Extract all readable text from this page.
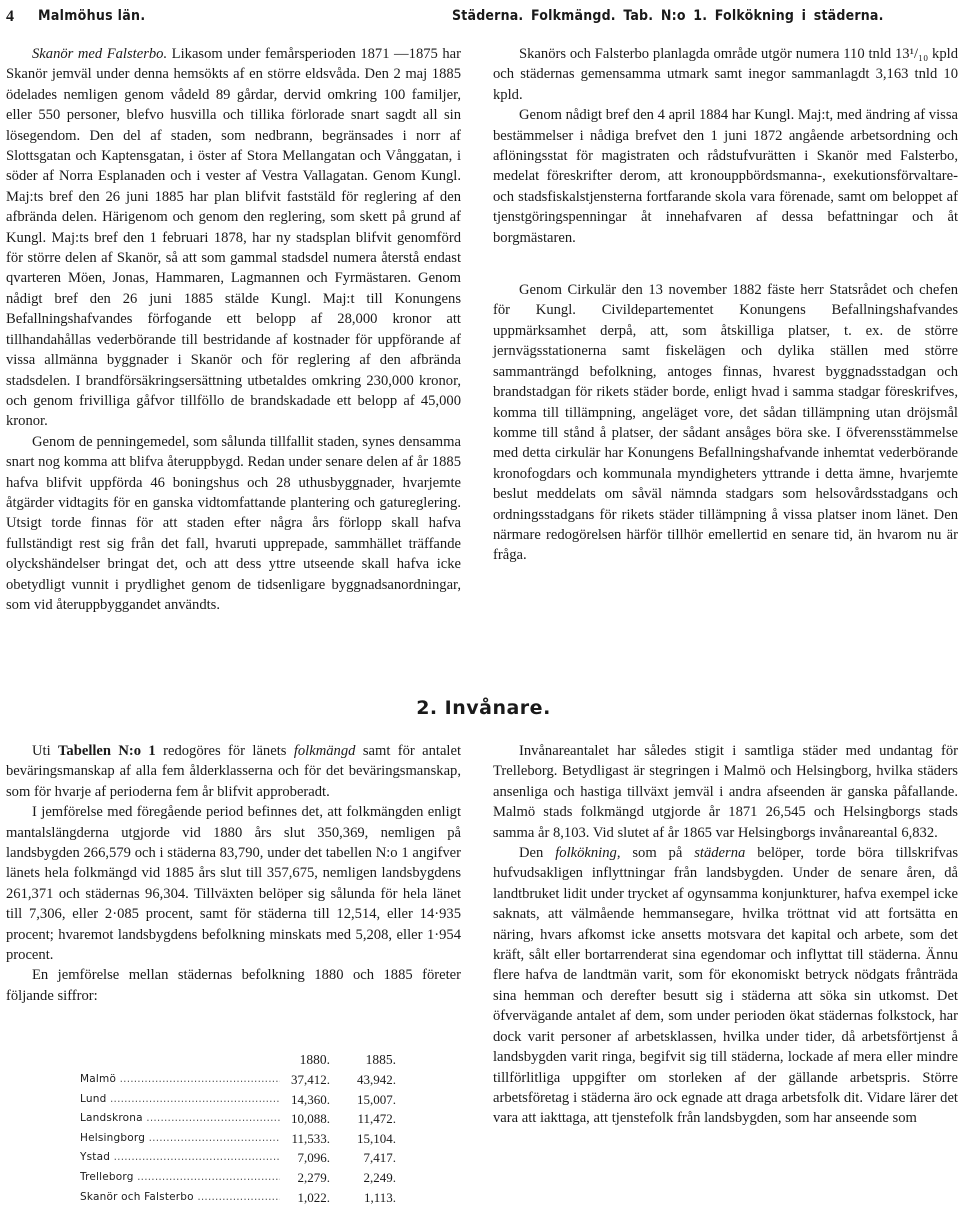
4 Malmöhus län.	Städerna. Folkmängd. Tab. N:o 1. Folkökning i städerna.

Skanör med Falsterbo. Likasom under femårsperioden 1871 —1875 har Skanör jemväl under denna hemsökts af en större eldsvåda. Den 2 maj 1885 ödelades nemligen genom vådeld 89 gårdar, dervid omkring 100 familjer, eller 550 personer, blefvo husvilla och tillika förlorade snart sagdt all sin lösegendom. Den del af staden, som nedbrann, begränsades i norr af Slottsgatan och Kaptensgatan, i öster af Stora Mellangatan och Vånggatan, i söder af Norra Esplanaden och i vester af Vestra Vallagatan. Genom Kungl. Maj:ts bref den 26 juni 1885 har plan blifvit faststäld för reglering af den afbrända delen. Härigenom och genom den reglering, som skett på grund af Kungl. Maj:ts bref den 1 februari 1878, har ny stadsplan blifvit genomförd för större delen af Skanör, så att som gammal stadsdel numera återstå endast qvarteren Möen, Jonas, Hammaren, Lagmannen och Fyrmästaren. Genom nådigt bref den 26 juni 1885 stälde Kungl. Maj:t till Konungens Befallningshafvandes förfogande ett belopp af 28,000 kronor att tillhandahållas vederbörande till bestridande af kostnader för uppförande af vissa allmänna byggnader i Skanör och för reglering af den afbrända stadsdelen. I brandförsäkringsersättning utbetaldes omkring 230,000 kronor, och genom frivilliga gåfvor tillföllo de brandskadade ett belopp af 45,000 kronor.

Genom de penningemedel, som sålunda tillfallit staden, synes densamma snart nog komma att blifva återuppbygd. Redan under senare delen af år 1885 hafva blifvit uppförda 46 boningshus och 28 uthusbyggnader, hvarjemte åtgärder vidtagits för en ganska vidtomfattande plantering och gatureglering. Utsigt torde finnas för att staden efter några års förlopp skall hafva fullständigt rest sig från det fall, hvaruti upprepade, sammhället träffande olyckshändelser bringat det, och att dess yttre utseende skall hafva icke obetydligt vunnit i prydlighet genom de tidsenligare byggnadsanordningar, som vid återuppbyggandet användts.

Skanörs och Falsterbo planlagda område utgör numera 110 tnld 13¹/₁₀ kpld och städernas gemensamma utmark samt inegor sammanlagdt 3,163 tnld 10 kpld.

Genom nådigt bref den 4 april 1884 har Kungl. Maj:t, med ändring af vissa bestämmelser i nådiga brefvet den 1 juni 1872 angående arbetsordning och aflöningsstat för magistraten och rådstufvurätten i Skanör med Falsterbo, medelat föreskrifter derom, att kronouppbördsmanna-, exekutionsförvaltare- och stadsfiskalstjensterna fortfarande skola vara förenade, samt om beloppet af tjenstgöringspenningar åt innehafvaren af dessa befattningar och åt borgmästaren.

Genom Cirkulär den 13 november 1882 fäste herr Statsrådet och chefen för Kungl. Civildepartementet Konungens Befallningshafvandes uppmärksamhet derpå, att, som åtskilliga platser, t. ex. de större jernvägsstationerna samt fiskelägen och dylika ställen med större sammanträngd befolkning, antoges finnas, hvarest byggnadsstadgan och brandstadgan för rikets städer borde, enligt hvad i samma stadgar föreskrifves, komma till tillämpning, angeläget vore, det sådan tillämpning utan dröjsmål komme till stånd å platser, der sådant ansåges böra ske. I öfverensstämmelse med detta cirkulär har Konungens Befallningshafvande inhemtat vederbörande kronofogdars och kommunala myndigheters yttrande i detta ämne, hvarjemte beslut meddelats om såväl nämnda stadgars som helsovårdsstadgans och ordningsstadgans för rikets städer tillämpning å vissa platser inom länet. Den närmare redogörelsen härför tillhör emellertid en senare tid, än hvarom nu är fråga.

2. Invånare.

Uti Tabellen N:o 1 redogöres för länets folkmängd samt för antalet beväringsmanskap af alla fem ålderklasserna och för det beväringsmanskap, som för hvarje af perioderna fem år blifvit approberadt.

I jemförelse med föregående period befinnes det, att folkmängden enligt mantalslängderna utgjorde vid 1880 års slut 350,369, nemligen på landsbygden 266,579 och i städerna 83,790, under det tabellen N:o 1 angifver länets hela folkmängd vid 1885 års slut till 357,675, nemligen landsbygdens 261,371 och städernas 96,304. Tillväxten belöper sig sålunda för hela länet till 7,306, eller 2·085 procent, samt för städerna till 12,514, eller 14·935 procent; hvaremot landsbygdens befolkning minskats med 5,208, eller 1·954 procent.

En jemförelse mellan städernas befolkning 1880 och 1885 företer följande siffror:

1880.	1885.
Malmö .....	37,412.	43,942.
Lund .....	14,360.	15,007.
Landskrona .....	10,088.	11,472.
Helsingborg .....	11,533.	15,104.
Ystad .....	7,096.	7,417.
Trelleborg .....	2,279.	2,249.
Skanör och Falsterbo .....	1,022.	1,113.

Invånareantalet har således stigit i samtliga städer med undantag för Trelleborg. Betydligast är stegringen i Malmö och Helsingborg, hvilka städers ansenliga och hastiga tillväxt jemväl i andra afseenden är ganska påfallande. Malmö stads folkmängd utgjorde år 1871 26,545 och Helsingborgs stads samma år 8,103. Vid slutet af år 1865 var Helsingborgs invånareantal 6,832.

Den folkökning, som på städerna belöper, torde böra tillskrifvas hufvudsakligen inflyttningar från landsbygden. Under de senare åren, då landtbruket lidit under trycket af ogynsamma konjunkturer, hafva exempel icke saknats, att välmående hemmansegare, hvilka tröttnat vid att fortsätta en näring, hvars afkomst icke ansetts motsvara det kapital och arbete, som det kräft, sålt eller bortarrenderat sina egendomar och inflyttat till städerna. Ännu flere hafva de landtmän varit, som för ekonomiskt betryck nödgats frånträda sina hemman och derefter besutt sig i städerna att söka sin utkomst. Det öfvervägande antalet af dem, som under perioden ökat städernas folkstock, har dock varit personer af arbetsklassen, hvilka under tider, då arbetsförtjenst å landsbygden varit ringa, begifvit sig till städerna, lockade af mera eller mindre tillförlitliga uppgifter om storleken af der gällande arbetspris. Större arbetsföretag i städerna äro ock egnade att draga arbetsfolk dit. Vidare lärer det vara att iakttaga, att tjenstefolk från landsbygden, som har anseende som
